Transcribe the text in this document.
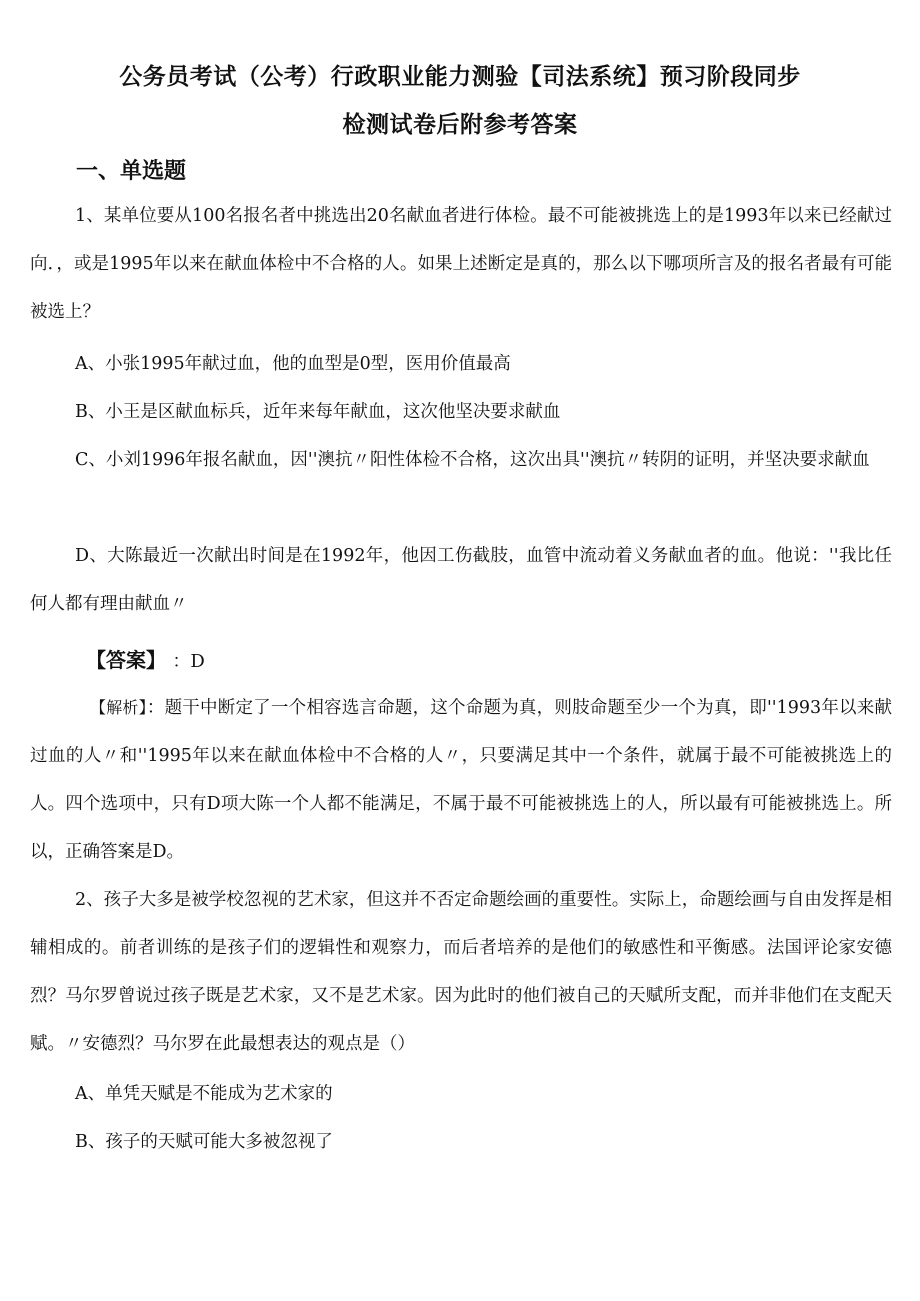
公务员考试（公考）行政职业能力测验【司法系统】预习阶段同步
检测试卷后附参考答案
一、单选题

1、某单位要从100名报名者中挑选出20名献血者进行体检。最不可能被挑选上的是1993年以来已经献过向．，或是1995年以来在献血体检中不合格的人。如果上述断定是真的，那么以下哪项所言及的报名者最有可能被选上？

A、小张1995年献过血，他的血型是0型，医用价值最高

B、小王是区献血标兵，近年来每年献血，这次他坚决要求献血

C、小刘1996年报名献血，因''澳抗〃阳性体检不合格，这次出具''澳抗〃转阴的证明，并坚决要求献血

D、大陈最近一次献出时间是在1992年，他因工伤截肢，血管中流动着义务献血者的血。他说：''我比任何人都有理由献血〃

【答案】 ：D

【解析】：题干中断定了一个相容选言命题，这个命题为真，则肢命题至少一个为真，即''1993年以来献过血的人〃和''1995年以来在献血体检中不合格的人〃，只要满足其中一个条件，就属于最不可能被挑选上的人。四个选项中，只有D项大陈一个人都不能满足，不属于最不可能被挑选上的人，所以最有可能被挑选上。所以，正确答案是D。

2、孩子大多是被学校忽视的艺术家，但这并不否定命题绘画的重要性。实际上，命题绘画与自由发挥是相辅相成的。前者训练的是孩子们的逻辑性和观察力，而后者培养的是他们的敏感性和平衡感。法国评论家安德烈？马尔罗曾说过孩子既是艺术家，又不是艺术家。因为此时的他们被自己的天赋所支配，而并非他们在支配天赋。〃安德烈？马尔罗在此最想表达的观点是（）

A、单凭天赋是不能成为艺术家的

B、孩子的天赋可能大多被忽视了
